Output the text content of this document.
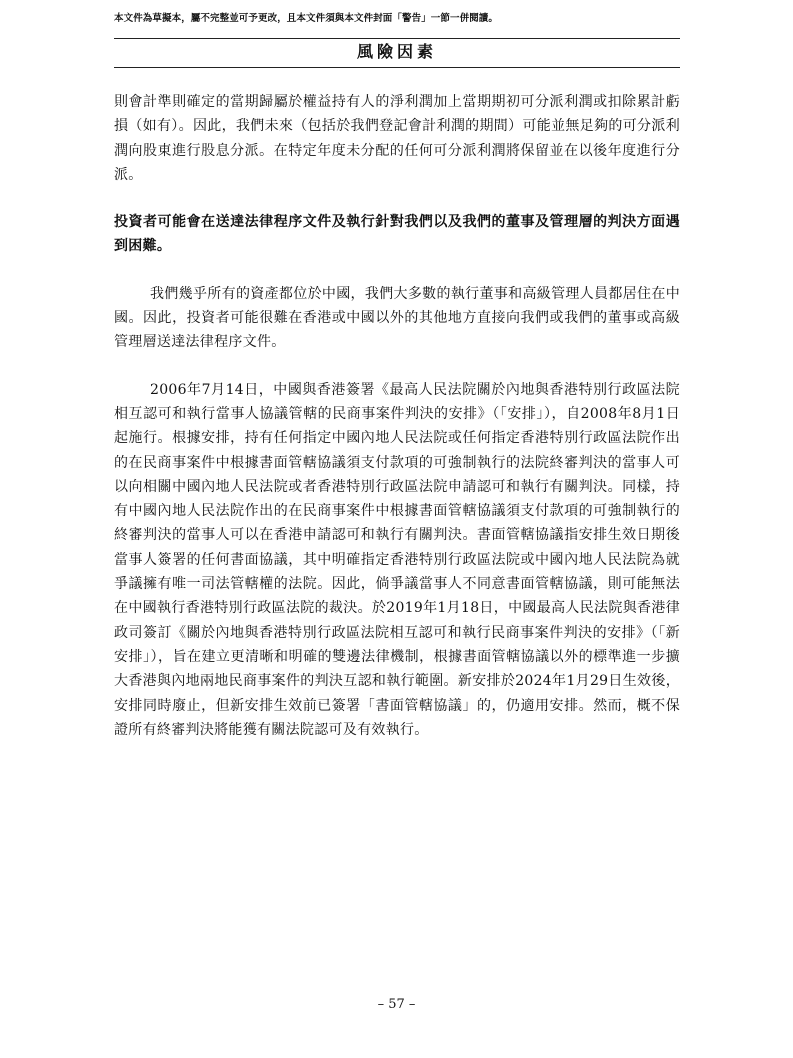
本文件為草擬本，屬不完整並可予更改，且本文件須與本文件封面「警告」一節一併閱讀。
風險因素

則會計準則確定的當期歸屬於權益持有人的淨利潤加上當期期初可分派利潤或扣除累計虧損（如有）。因此，我們未來（包括於我們登記會計利潤的期間）可能並無足夠的可分派利潤向股東進行股息分派。在特定年度未分配的任何可分派利潤將保留並在以後年度進行分派。

投資者可能會在送達法律程序文件及執行針對我們以及我們的董事及管理層的判決方面遇到困難。

我們幾乎所有的資產都位於中國，我們大多數的執行董事和高級管理人員都居住在中國。因此，投資者可能很難在香港或中國以外的其他地方直接向我們或我們的董事或高級管理層送達法律程序文件。

2006年7月14日，中國與香港簽署《最高人民法院關於內地與香港特別行政區法院相互認可和執行當事人協議管轄的民商事案件判決的安排》（「安排」），自2008年8月1日起施行。根據安排，持有任何指定中國內地人民法院或任何指定香港特別行政區法院作出的在民商事案件中根據書面管轄協議須支付款項的可強制執行的法院終審判決的當事人可以向相關中國內地人民法院或者香港特別行政區法院申請認可和執行有關判決。同樣，持有中國內地人民法院作出的在民商事案件中根據書面管轄協議須支付款項的可強制執行的終審判決的當事人可以在香港申請認可和執行有關判決。書面管轄協議指安排生效日期後當事人簽署的任何書面協議，其中明確指定香港特別行政區法院或中國內地人民法院為就爭議擁有唯一司法管轄權的法院。因此，倘爭議當事人不同意書面管轄協議，則可能無法在中國執行香港特別行政區法院的裁決。於2019年1月18日，中國最高人民法院與香港律政司簽訂《關於內地與香港特別行政區法院相互認可和執行民商事案件判決的安排》（「新安排」），旨在建立更清晰和明確的雙邊法律機制，根據書面管轄協議以外的標準進一步擴大香港與內地兩地民商事案件的判決互認和執行範圍。新安排於2024年1月29日生效後，安排同時廢止，但新安排生效前已簽署「書面管轄協議」的，仍適用安排。然而，概不保證所有終審判決將能獲有關法院認可及有效執行。

– 57 –
